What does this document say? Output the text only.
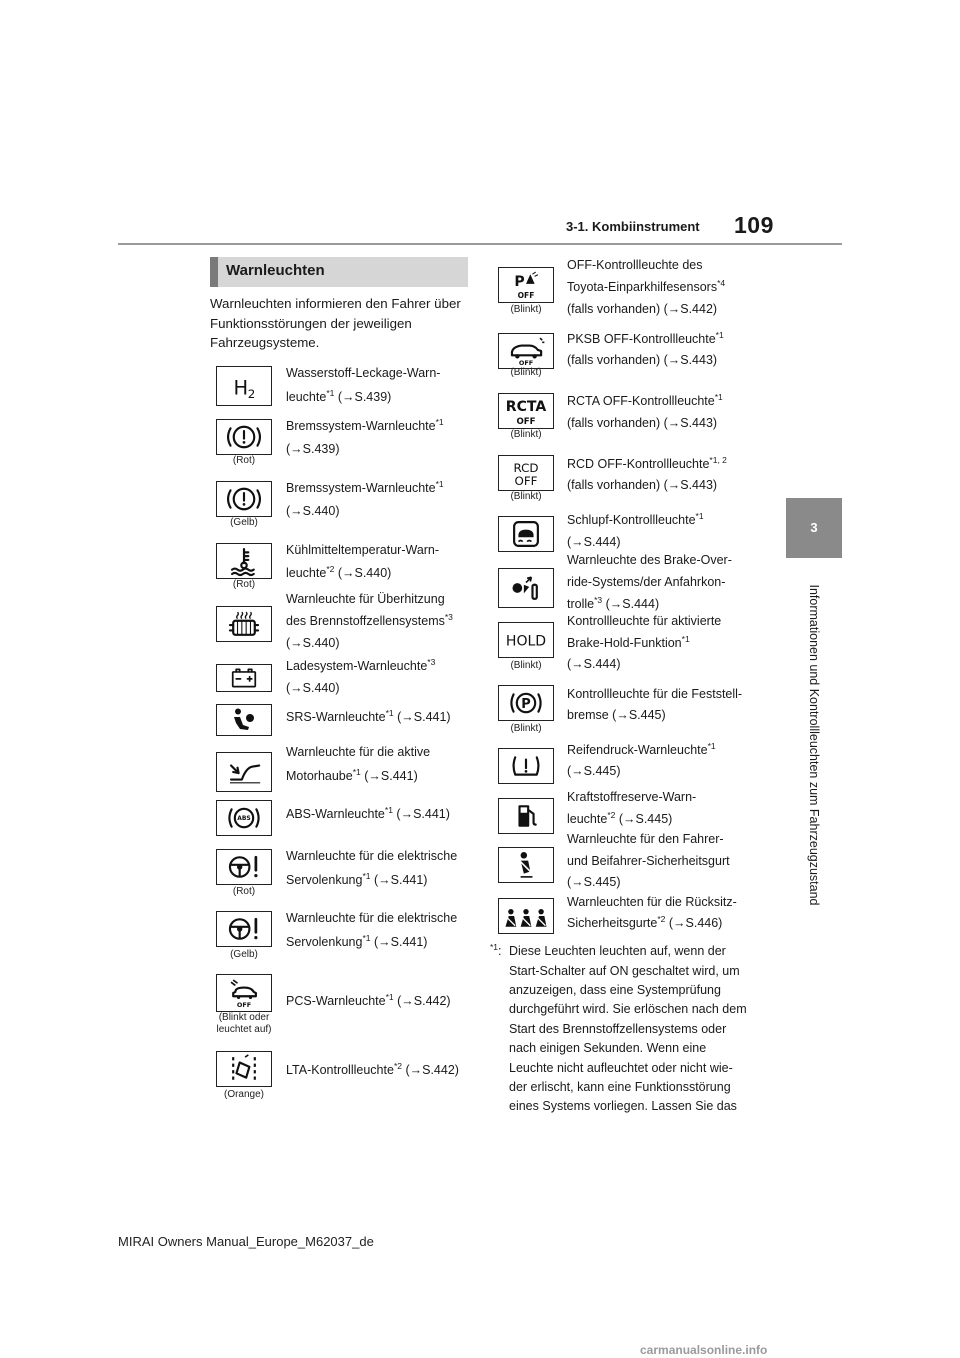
109
3-1. Kombiinstrument
3
Informationen und Kontrollleuchten zum Fahrzeugzustand
Warnleuchten
Warnleuchten informieren den Fahrer über Funktionsstörungen der jeweiligen Fahrzeugsysteme.
H 2
Wasserstoff-Leckage-Warn-
leuchte$^{*1}$ (→S.439)
(Rot)
Bremssystem-Warnleuchte$^{*1}$
(→S.439)
(Gelb)
Bremssystem-Warnleuchte$^{*1}$
(→S.440)
(Rot)
Kühlmitteltemperatur-Warn-
leuchte$^{*2}$ (→S.440)
Warnleuchte für Überhitzung
des Brennstoffzellensystems$^{*3}$
(→S.440)
Ladesystem-Warnleuchte$^{*3}$
(→S.440)
SRS-Warnleuchte$^{*1}$ (→S.441)
Warnleuchte für die aktive
Motorhaube$^{*1}$ (→S.441)
ABS	ABS-Warnleuchte$^{*1}$ (→S.441)
(Rot)
Warnleuchte für die elektrische
Servolenkung$^{*1}$ (→S.441)
(Gelb)
Warnleuchte für die elektrische
Servolenkung$^{*1}$ (→S.441)
OFF
(Blinkt oder leuchtet auf)
PCS-Warnleuchte$^{*1}$ (→S.442)
(Orange)
LTA-Kontrollleuchte$^{*2}$ (→S.442)
P
OFF
(Blinkt)
OFF-Kontrollleuchte des
Toyota-Einparkhilfesensors$^{*4}$
(falls vorhanden) (→S.442)
OFF
(Blinkt)
PKSB OFF-Kontrollleuchte$^{*1}$
(falls vorhanden) (→S.443)
RCTA
OFF
(Blinkt)
RCTA OFF-Kontrollleuchte$^{*1}$
(falls vorhanden) (→S.443)
RCD
OFF
(Blinkt)
RCD OFF-Kontrollleuchte$^{*1, 2}$
(falls vorhanden) (→S.443)
Schlupf-Kontrollleuchte$^{*1}$
(→S.444)
Warnleuchte des Brake-Over-
ride-Systems/der Anfahrkon-
trolle$^{*3}$ (→S.444)
HOLD
(Blinkt)
Kontrollleuchte für aktivierte
Brake-Hold-Funktion$^{*1}$
(→S.444)
P
(Blinkt)
Kontrollleuchte für die Feststell-
bremse (→S.445)
Reifendruck-Warnleuchte$^{*1}$
(→S.445)
Kraftstoffreserve-Warn-
leuchte$^{*2}$ (→S.445)
Warnleuchte für den Fahrer-
und Beifahrer-Sicherheitsgurt
(→S.445)
Warnleuchten für die Rücksitz-
Sicherheitsgurte$^{*2}$ (→S.446)
$^{*1}$: Diese Leuchten leuchten auf, wenn der Start-Schalter auf ON geschaltet wird, um anzuzeigen, dass eine Systemprüfung durchgeführt wird. Sie erlöschen nach dem Start des Brennstoffzellensystems oder nach einigen Sekunden. Wenn eine Leuchte nicht aufleuchtet oder nicht wie-der erlischt, kann eine Funktionsstörung eines Systems vorliegen. Lassen Sie das
MIRAI Owners Manual_Europe_M62037_de
carmanualsonline.info
